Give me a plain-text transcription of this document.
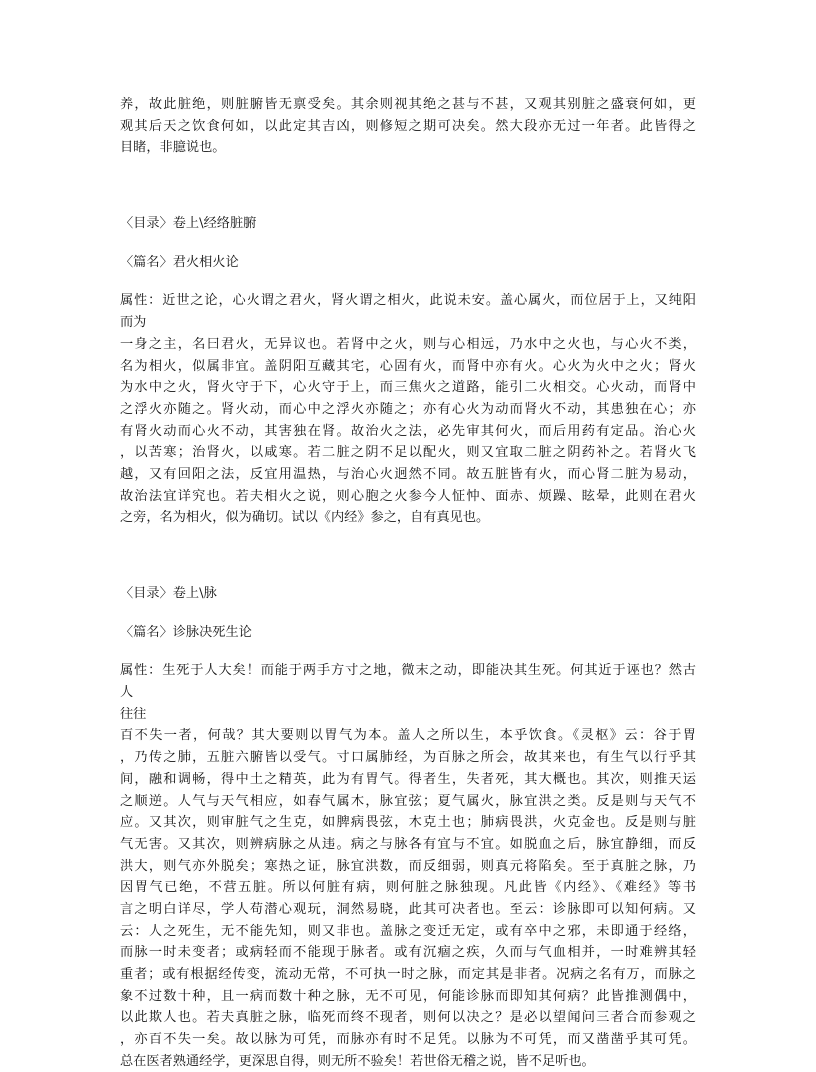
养，故此脏绝，则脏腑皆无禀受矣。其余则视其绝之甚与不甚，又观其别脏之盛衰何如，更
观其后天之饮食何如，以此定其吉凶，则修短之期可决矣。然大段亦无过一年者。此皆得之
目睹，非臆说也。
〈目录〉卷上\经络脏腑
〈篇名〉君火相火论
属性：近世之论，心火谓之君火，肾火谓之相火，此说未安。盖心属火，而位居于上，又纯阳
而为
一身之主，名曰君火，无异议也。若肾中之火，则与心相远，乃水中之火也，与心火不类，
名为相火，似属非宜。盖阴阳互藏其宅，心固有火，而肾中亦有火。心火为火中之火；肾火
为水中之火，肾火守于下，心火守于上，而三焦火之道路，能引二火相交。心火动，而肾中
之浮火亦随之。肾火动，而心中之浮火亦随之；亦有心火为动而肾火不动，其患独在心；亦
有肾火动而心火不动，其害独在肾。故治火之法，必先审其何火，而后用药有定品。治心火
，以苦寒；治肾火，以咸寒。若二脏之阴不足以配火，则又宜取二脏之阴药补之。若肾火飞
越，又有回阳之法，反宜用温热，与治心火迥然不同。故五脏皆有火，而心肾二脏为易动，
故治法宜详究也。若夫相火之说，则心胞之火参今人怔忡、面赤、烦躁、眩晕，此则在君火
之旁，名为相火，似为确切。试以《内经》参之，自有真见也。
〈目录〉卷上\脉
〈篇名〉诊脉决死生论
属性：生死于人大矣！而能于两手方寸之地，微末之动，即能决其生死。何其近于诬也？然古
人
往往
百不失一者，何哉？其大要则以胃气为本。盖人之所以生，本乎饮食。《灵枢》云：谷于胃
，乃传之肺，五脏六腑皆以受气。寸口属肺经，为百脉之所会，故其来也，有生气以行乎其
间，融和调畅，得中土之精英，此为有胃气。得者生，失者死，其大概也。其次，则推天运
之顺逆。人气与天气相应，如春气属木，脉宜弦；夏气属火，脉宜洪之类。反是则与天气不
应。又其次，则审脏气之生克，如脾病畏弦，木克土也；肺病畏洪，火克金也。反是则与脏
气无害。又其次，则辨病脉之从违。病之与脉各有宜与不宜。如脱血之后，脉宜静细，而反
洪大，则气亦外脱矣；寒热之证，脉宜洪数，而反细弱，则真元将陷矣。至于真脏之脉，乃
因胃气已绝，不营五脏。所以何脏有病，则何脏之脉独现。凡此皆《内经》、《难经》等书
言之明白详尽，学人苟潜心观玩，洞然易晓，此其可决者也。至云：诊脉即可以知何病。又
云：人之死生，无不能先知，则又非也。盖脉之变迁无定，或有卒中之邪，未即通于经络，
而脉一时未变者；或病轻而不能现于脉者。或有沉痼之疾，久而与气血相并，一时难辨其轻
重者；或有根据经传变，流动无常，不可执一时之脉，而定其是非者。况病之名有万，而脉之
象不过数十种，且一病而数十种之脉，无不可见，何能诊脉而即知其何病？此皆推测偶中，
以此欺人也。若夫真脏之脉，临死而终不现者，则何以决之？是必以望闻问三者合而参观之
，亦百不失一矣。故以脉为可凭，而脉亦有时不足凭。以脉为不可凭，而又凿凿乎其可凭。
总在医者熟通经学，更深思自得，则无所不验矣！若世俗无稽之说，皆不足听也。
